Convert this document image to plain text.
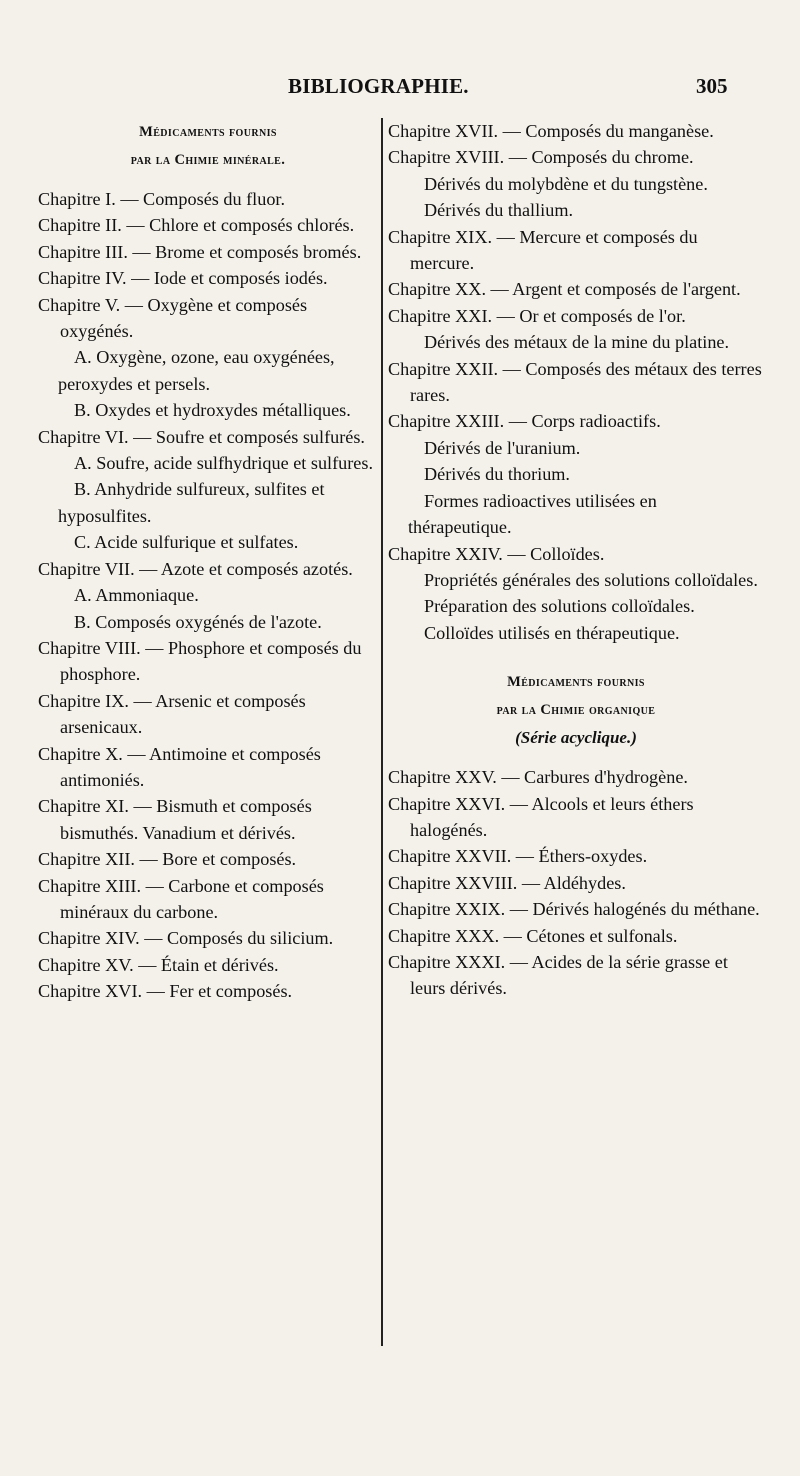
BIBLIOGRAPHIE.	305
Médicaments fournis
par la Chimie minérale.

Chapitre I. — Composés du fluor.

Chapitre II. — Chlore et composés chlorés.

Chapitre III. — Brome et composés bromés.

Chapitre IV. — Iode et composés iodés.

Chapitre V. — Oxygène et composés oxygénés.

A. Oxygène, ozone, eau oxygénées, peroxydes et persels.

B. Oxydes et hydroxydes métalliques.

Chapitre VI. — Soufre et composés sulfurés.

A. Soufre, acide sulfhydrique et sulfures.

B. Anhydride sulfureux, sulfites et hyposulfites.

C. Acide sulfurique et sulfates.

Chapitre VII. — Azote et composés azotés.

A. Ammoniaque.

B. Composés oxygénés de l'azote.

Chapitre VIII. — Phosphore et composés du phosphore.

Chapitre IX. — Arsenic et composés arsenicaux.

Chapitre X. — Antimoine et composés antimoniés.

Chapitre XI. — Bismuth et composés bismuthés. Vanadium et dérivés.

Chapitre XII. — Bore et composés.

Chapitre XIII. — Carbone et composés minéraux du carbone.

Chapitre XIV. — Composés du silicium.

Chapitre XV. — Étain et dérivés.

Chapitre XVI. — Fer et composés.

Chapitre XVII. — Composés du manganèse.

Chapitre XVIII. — Composés du chrome.

Dérivés du molybdène et du tungstène.

Dérivés du thallium.

Chapitre XIX. — Mercure et composés du mercure.

Chapitre XX. — Argent et composés de l'argent.

Chapitre XXI. — Or et composés de l'or.

Dérivés des métaux de la mine du platine.

Chapitre XXII. — Composés des métaux des terres rares.

Chapitre XXIII. — Corps radioactifs.

Dérivés de l'uranium.

Dérivés du thorium.

Formes radioactives utilisées en thérapeutique.

Chapitre XXIV. — Colloïdes.

Propriétés générales des solutions colloïdales.

Préparation des solutions colloïdales.

Colloïdes utilisés en thérapeutique.

Médicaments fournis
par la Chimie organique
(Série acyclique.)

Chapitre XXV. — Carbures d'hydrogène.

Chapitre XXVI. — Alcools et leurs éthers halogénés.

Chapitre XXVII. — Éthers-oxydes.

Chapitre XXVIII. — Aldéhydes.

Chapitre XXIX. — Dérivés halogénés du méthane.

Chapitre XXX. — Cétones et sulfonals.

Chapitre XXXI. — Acides de la série grasse et leurs dérivés.
